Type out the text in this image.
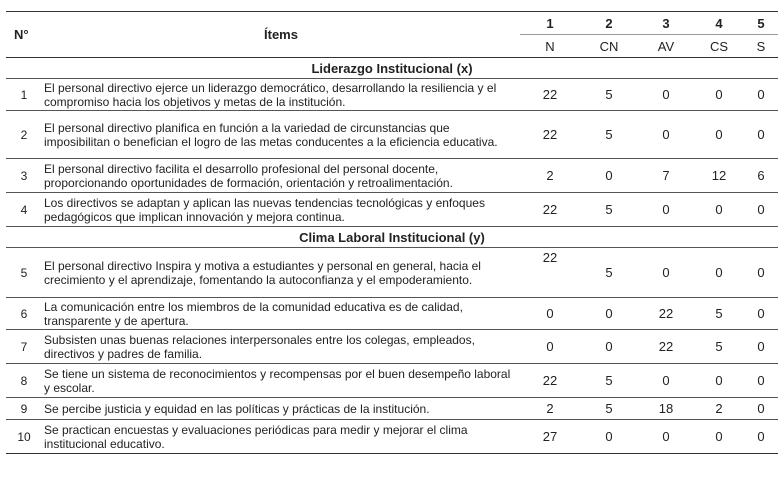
N°	Ítems	1	2	3	4	5
		N	CN	AV	CS	S
Liderazgo Institucional (x)						
1	El personal directivo ejerce un liderazgo democrático, desarrollando la resiliencia y el compromiso hacia los objetivos y metas de la institución.	22	5	0	0	0
2	El personal directivo planifica en función a la variedad de circunstancias que imposibilitan o benefician el logro de las metas conducentes a la eficiencia educativa.	22	5	0	0	0
3	El personal directivo facilita el desarrollo profesional del personal docente, proporcionando oportunidades de formación, orientación y retroalimentación.	2	0	7	12	6
4	Los directivos se adaptan y aplican las nuevas tendencias tecnológicas y enfoques pedagógicos que implican innovación y mejora continua.	22	5	0	0	0
Clima Laboral Institucional (y)						
5	El personal directivo Inspira y motiva a estudiantes y personal en general, hacia el crecimiento y el aprendizaje, fomentando la autoconfianza y el empoderamiento.	22	5	0	0	0
6	La comunicación entre los miembros de la comunidad educativa es de calidad, transparente y de apertura.	0	0	22	5	0
7	Subsisten unas buenas relaciones interpersonales entre los colegas, empleados, directivos y padres de familia.	0	0	22	5	0
8	Se tiene un sistema de reconocimientos y recompensas por el buen desempeño laboral y escolar.	22	5	0	0	0
9	Se percibe justicia y equidad en las políticas y prácticas de la institución.	2	5	18	2	0
10	Se practican encuestas y evaluaciones periódicas para medir y mejorar el clima institucional educativo.	27	0	0	0	0
